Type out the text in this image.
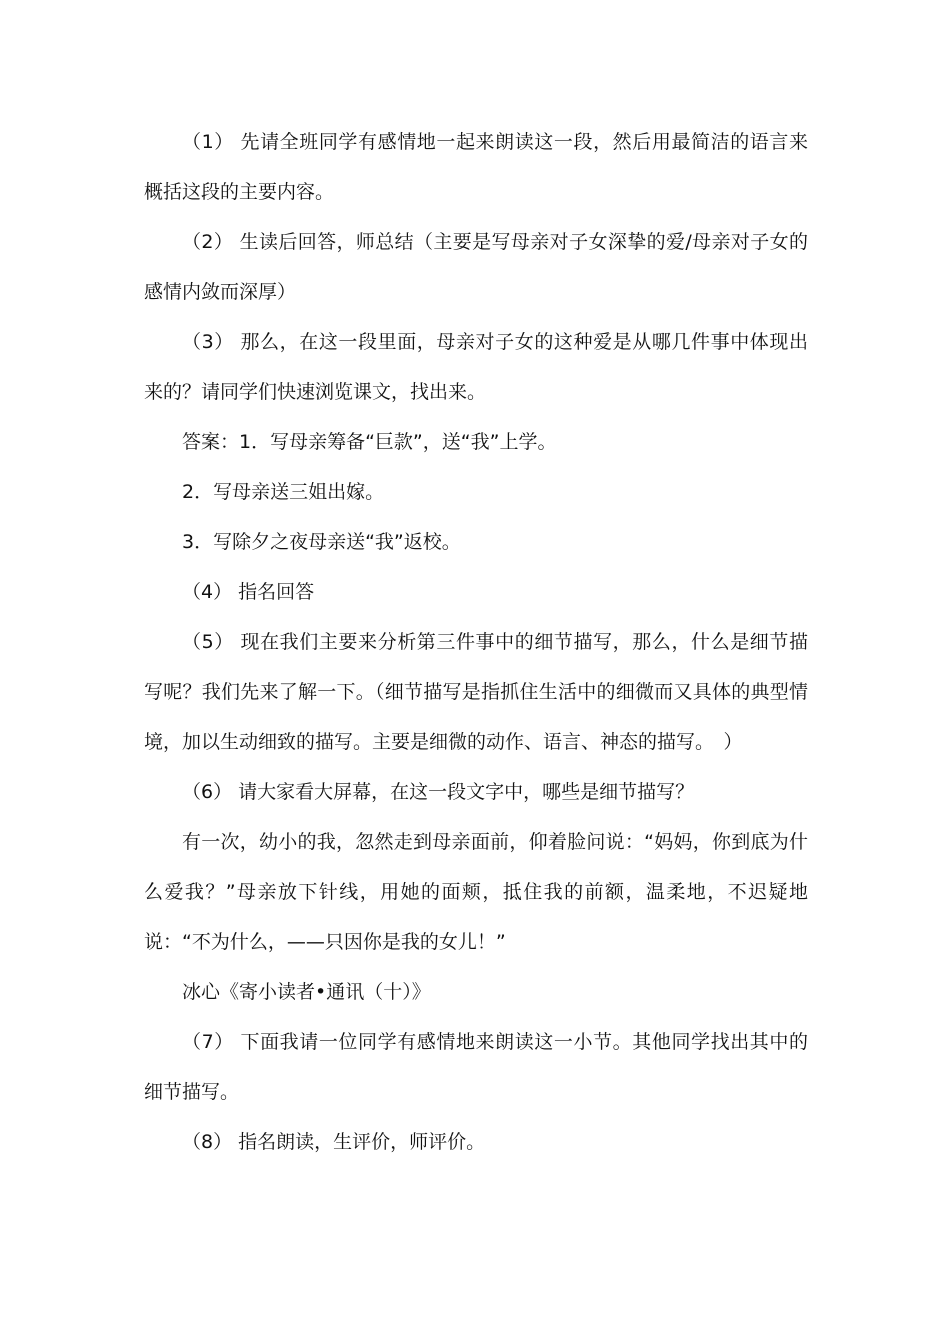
（1） 先请全班同学有感情地一起来朗读这一段，然后用最简洁的语言来概括这段的主要内容。

（2） 生读后回答，师总结（主要是写母亲对子女深挚的爱/母亲对子女的感情内敛而深厚）

（3） 那么，在这一段里面，母亲对子女的这种爱是从哪几件事中体现出来的？请同学们快速浏览课文，找出来。

答案：1．写母亲筹备“巨款”，送“我”上学。

2．写母亲送三姐出嫁。

3．写除夕之夜母亲送“我”返校。

（4） 指名回答

（5） 现在我们主要来分析第三件事中的细节描写，那么，什么是细节描写呢？我们先来了解一下。（细节描写是指抓住生活中的细微而又具体的典型情境，加以生动细致的描写。主要是细微的动作、语言、神态的描写。　）

（6） 请大家看大屏幕，在这一段文字中，哪些是细节描写？

有一次，幼小的我，忽然走到母亲面前，仰着脸问说：“妈妈，你到底为什么爱我？”母亲放下针线，用她的面颊，抵住我的前额，温柔地，不迟疑地说：“不为什么，——只因你是我的女儿！”

冰心《寄小读者•通讯（十）》

（7） 下面我请一位同学有感情地来朗读这一小节。其他同学找出其中的细节描写。

（8） 指名朗读，生评价，师评价。
